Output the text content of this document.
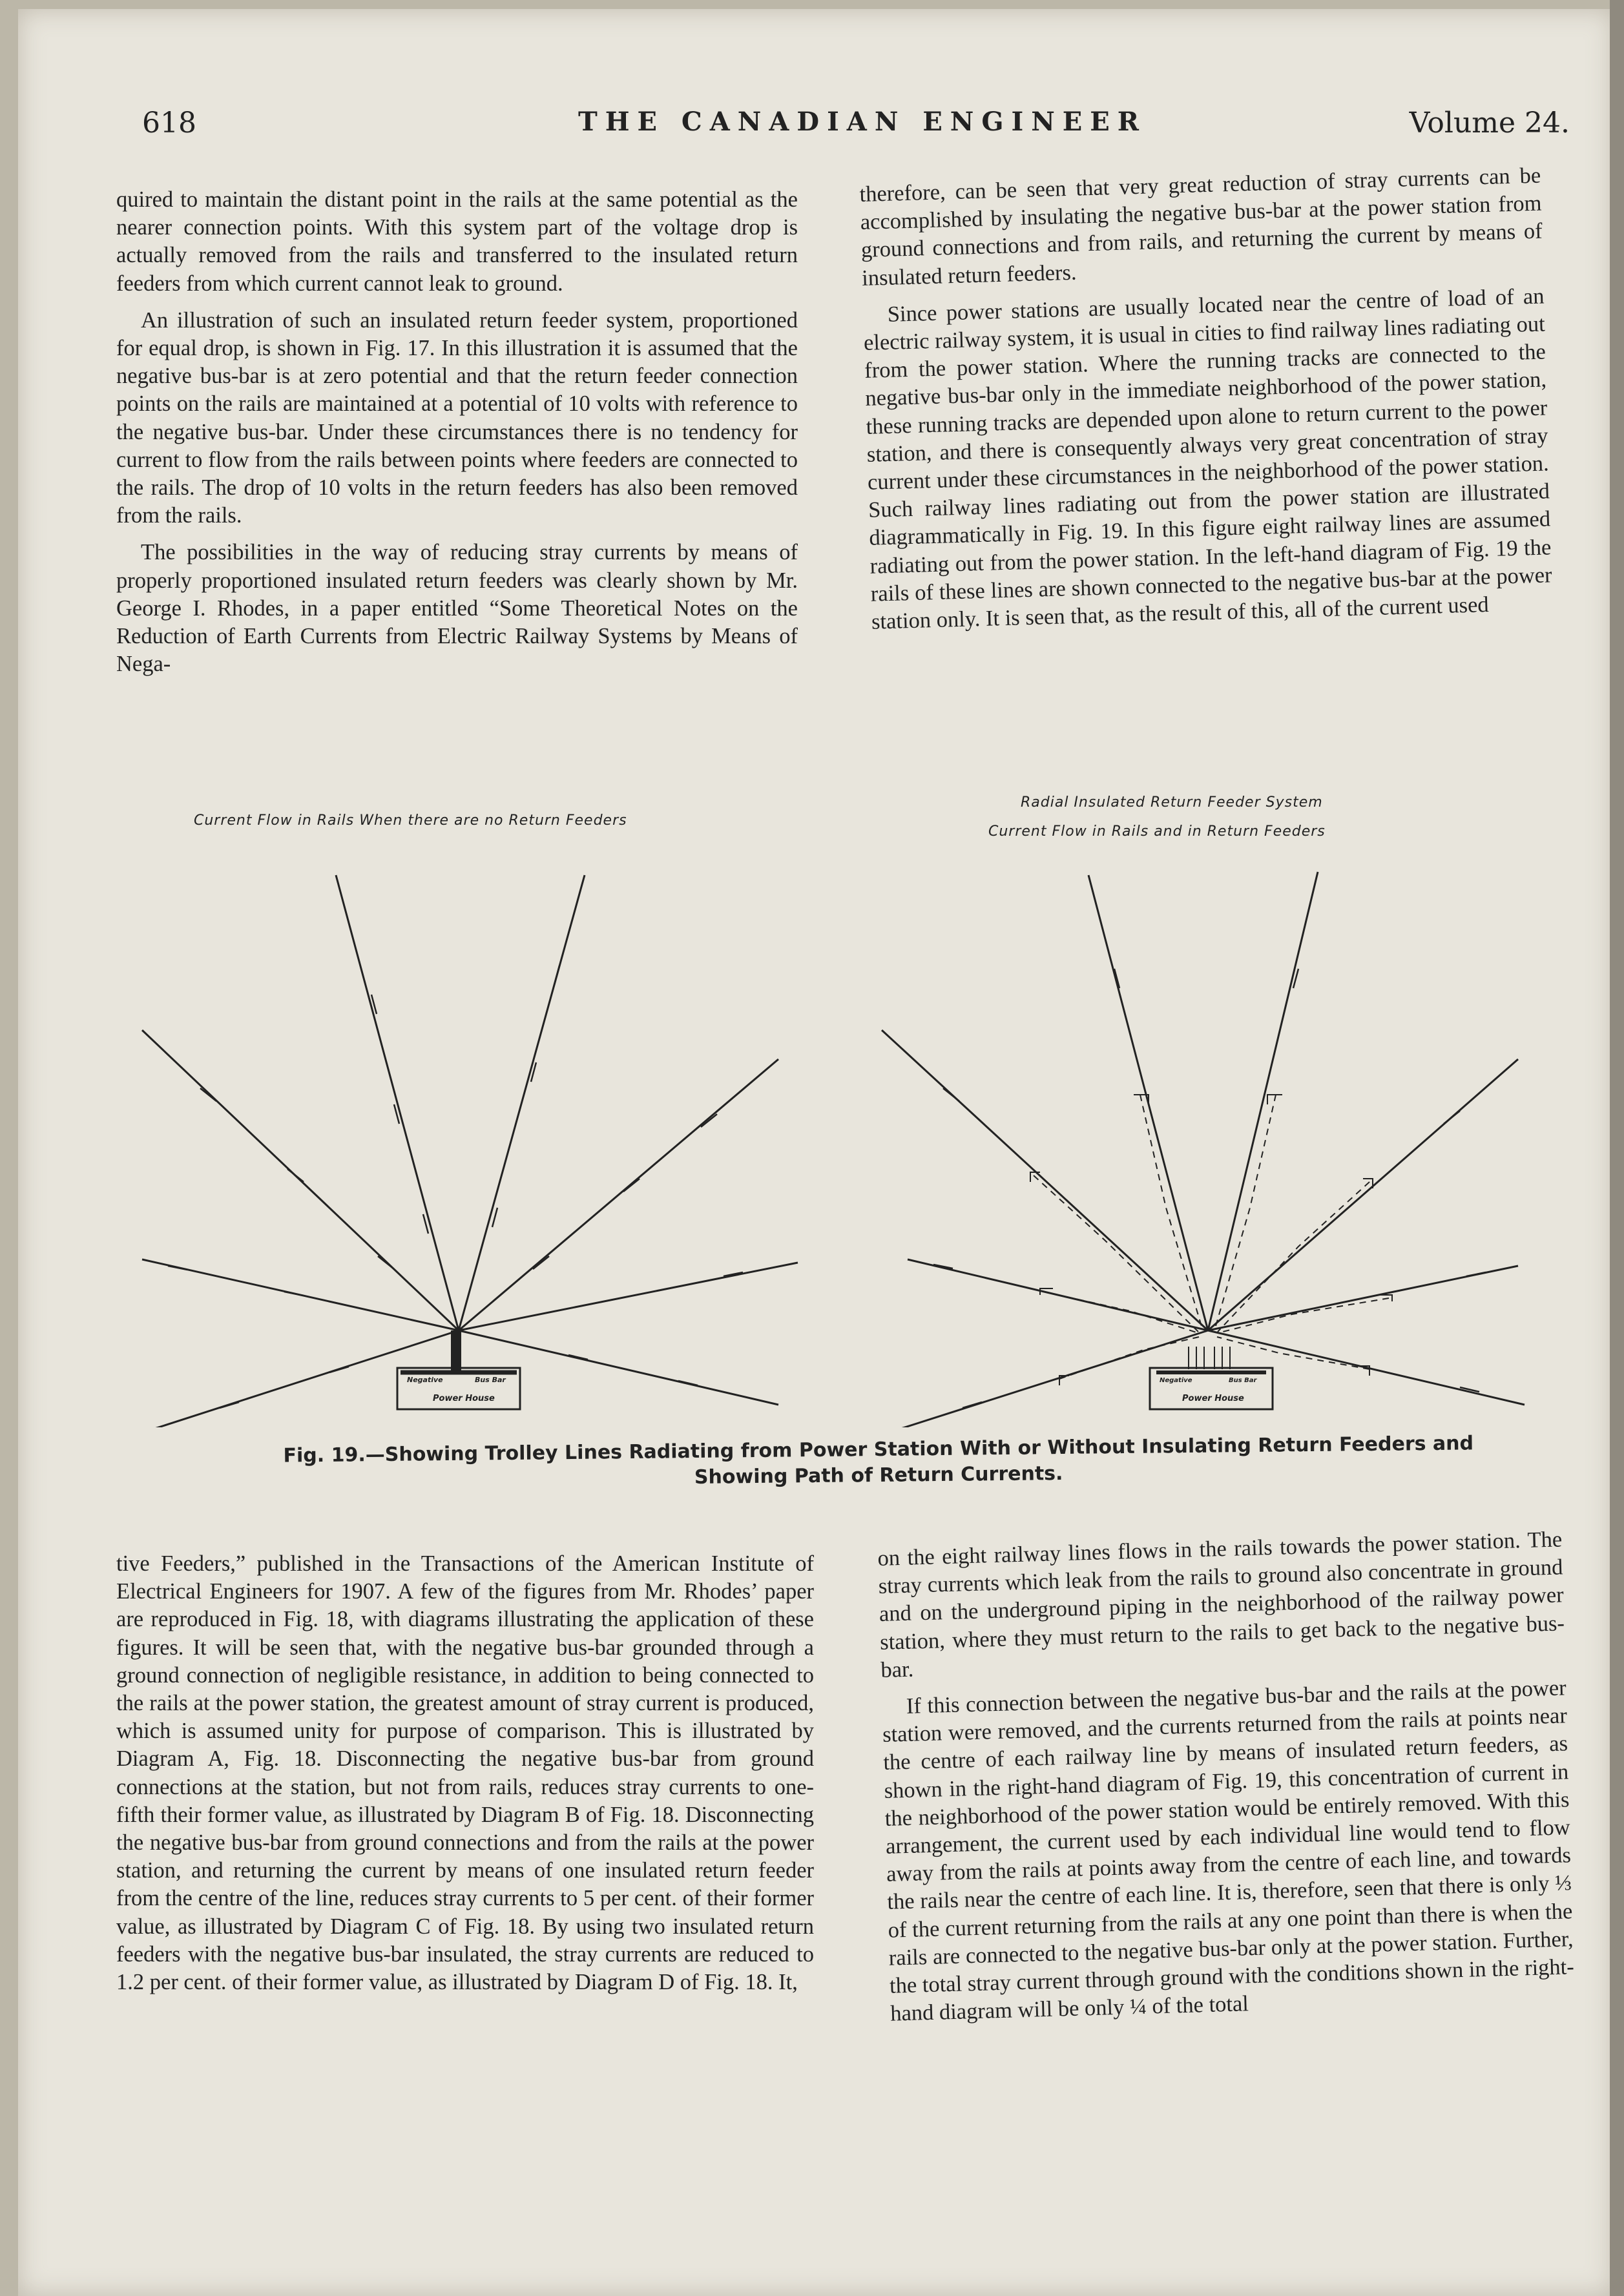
618	THE CANADIAN ENGINEER	Volume 24.

quired to maintain the distant point in the rails at the same potential as the nearer connection points. With this system part of the voltage drop is actually removed from the rails and transferred to the insulated return feeders from which current cannot leak to ground.

An illustration of such an insulated return feeder system, proportioned for equal drop, is shown in Fig. 17. In this illustration it is assumed that the negative bus-bar is at zero potential and that the return feeder connection points on the rails are maintained at a potential of 10 volts with reference to the negative bus-bar. Under these circumstances there is no tendency for current to flow from the rails between points where feeders are connected to the rails. The drop of 10 volts in the return feeders has also been removed from the rails.

The possibilities in the way of reducing stray currents by means of properly proportioned insulated return feeders was clearly shown by Mr. George I. Rhodes, in a paper entitled “Some Theoretical Notes on the Reduction of Earth Currents from Electric Railway Systems by Means of Nega-

therefore, can be seen that very great reduction of stray currents can be accomplished by insulating the negative bus-bar at the power station from ground connections and from rails, and returning the current by means of insulated return feeders.

Since power stations are usually located near the centre of load of an electric railway system, it is usual in cities to find railway lines radiating out from the power station. Where the running tracks are connected to the negative bus-bar only in the immediate neighborhood of the power station, these running tracks are depended upon alone to return current to the power station, and there is consequently always very great concentration of stray current under these circumstances in the neighborhood of the power station. Such railway lines radiating out from the power station are illustrated diagrammatically in Fig. 19. In this figure eight railway lines are assumed radiating out from the power station. In the left-hand diagram of Fig. 19 the rails of these lines are shown connected to the negative bus-bar at the power station only. It is seen that, as the result of this, all of the current used

Current Flow in Rails When there are no Return Feeders
Radial Insulated Return Feeder System
Current Flow in Rails and in Return Feeders
Negative	Bus Bar
Power House
Negative	Bus Bar
Power House
Fig. 19.—Showing Trolley Lines Radiating from Power Station With or Without Insulating Return Feeders and
Showing Path of Return Currents.

tive Feeders,” published in the Transactions of the American Institute of Electrical Engineers for 1907. A few of the figures from Mr. Rhodes’ paper are reproduced in Fig. 18, with diagrams illustrating the application of these figures. It will be seen that, with the negative bus-bar grounded through a ground connection of negligible resistance, in addition to being connected to the rails at the power station, the greatest amount of stray current is produced, which is assumed unity for purpose of comparison. This is illustrated by Diagram A, Fig. 18. Disconnecting the negative bus-bar from ground connections at the station, but not from rails, reduces stray currents to one-fifth their former value, as illustrated by Diagram B of Fig. 18. Disconnecting the negative bus-bar from ground connections and from the rails at the power station, and returning the current by means of one insulated return feeder from the centre of the line, reduces stray currents to 5 per cent. of their former value, as illustrated by Diagram C of Fig. 18. By using two insulated return feeders with the negative bus-bar insulated, the stray currents are reduced to 1.2 per cent. of their former value, as illustrated by Diagram D of Fig. 18. It,

on the eight railway lines flows in the rails towards the power station. The stray currents which leak from the rails to ground also concentrate in ground and on the underground piping in the neighborhood of the railway power station, where they must return to the rails to get back to the negative bus-bar.

If this connection between the negative bus-bar and the rails at the power station were removed, and the currents returned from the rails at points near the centre of each railway line by means of insulated return feeders, as shown in the right-hand diagram of Fig. 19, this concentration of current in the neighborhood of the power station would be entirely removed. With this arrangement, the current used by each individual line would tend to flow away from the rails at points away from the centre of each line, and towards the rails near the centre of each line. It is, therefore, seen that there is only ⅓ of the current returning from the rails at any one point than there is when the rails are connected to the negative bus-bar only at the power station. Further, the total stray current through ground with the conditions shown in the right-hand diagram will be only ¼ of the total
